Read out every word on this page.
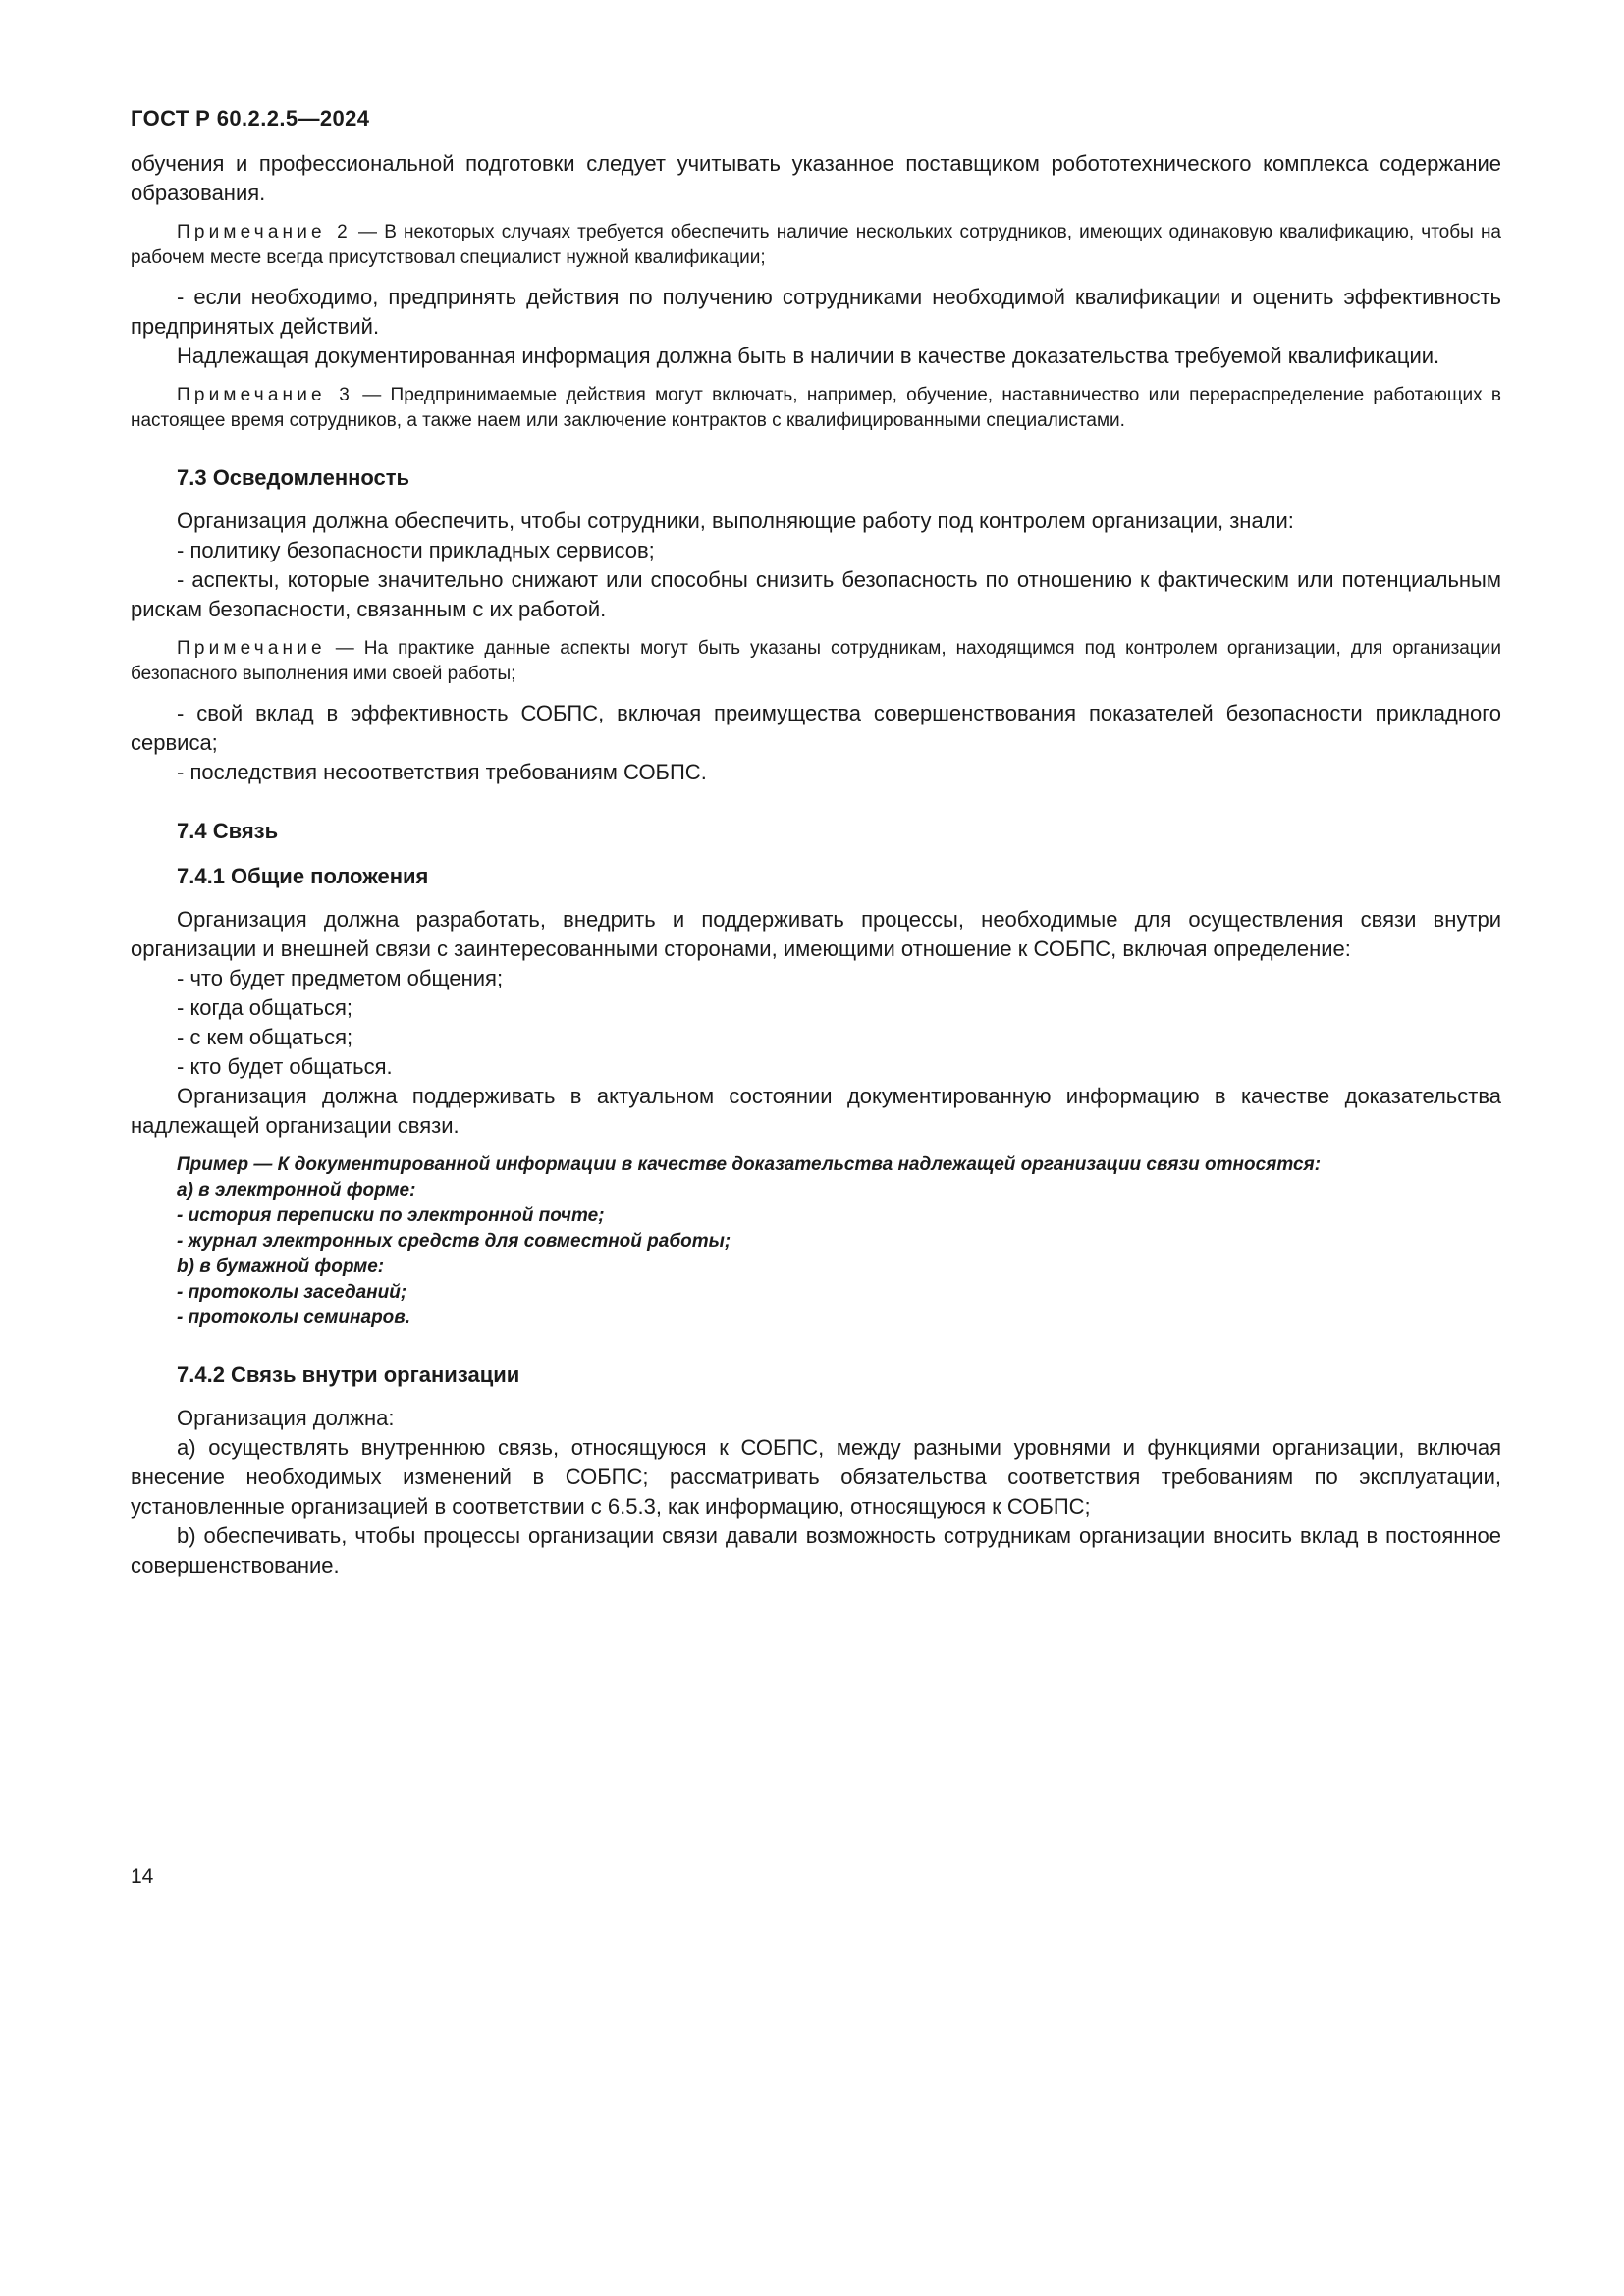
ГОСТ Р 60.2.2.5—2024

обучения и профессиональной подготовки следует учитывать указанное поставщиком робототехнического комплекса содержание образования.

Примечание 2 — В некоторых случаях требуется обеспечить наличие нескольких сотрудников, имеющих одинаковую квалификацию, чтобы на рабочем месте всегда присутствовал специалист нужной квалификации;

- если необходимо, предпринять действия по получению сотрудниками необходимой квалификации и оценить эффективность предпринятых действий.

Надлежащая документированная информация должна быть в наличии в качестве доказательства требуемой квалификации.

Примечание 3 — Предпринимаемые действия могут включать, например, обучение, наставничество или перераспределение работающих в настоящее время сотрудников, а также наем или заключение контрактов с квалифицированными специалистами.

7.3 Осведомленность

Организация должна обеспечить, чтобы сотрудники, выполняющие работу под контролем организации, знали:

- политику безопасности прикладных сервисов;

- аспекты, которые значительно снижают или способны снизить безопасность по отношению к фактическим или потенциальным рискам безопасности, связанным с их работой.

Примечание — На практике данные аспекты могут быть указаны сотрудникам, находящимся под контролем организации, для организации безопасного выполнения ими своей работы;

- свой вклад в эффективность СОБПС, включая преимущества совершенствования показателей безопасности прикладного сервиса;

- последствия несоответствия требованиям СОБПС.

7.4 Связь

7.4.1 Общие положения

Организация должна разработать, внедрить и поддерживать процессы, необходимые для осуществления связи внутри организации и внешней связи с заинтересованными сторонами, имеющими отношение к СОБПС, включая определение:

- что будет предметом общения;

- когда общаться;

- с кем общаться;

- кто будет общаться.

Организация должна поддерживать в актуальном состоянии документированную информацию в качестве доказательства надлежащей организации связи.

Пример — К документированной информации в качестве доказательства надлежащей организации связи относятся:

а) в электронной форме:

- история переписки по электронной почте;

- журнал электронных средств для совместной работы;

b) в бумажной форме:

- протоколы заседаний;

- протоколы семинаров.

7.4.2 Связь внутри организации

Организация должна:

а) осуществлять внутреннюю связь, относящуюся к СОБПС, между разными уровнями и функциями организации, включая внесение необходимых изменений в СОБПС; рассматривать обязательства соответствия требованиям по эксплуатации, установленные организацией в соответствии с 6.5.3, как информацию, относящуюся к СОБПС;

b) обеспечивать, чтобы процессы организации связи давали возможность сотрудникам организации вносить вклад в постоянное совершенствование.

14
